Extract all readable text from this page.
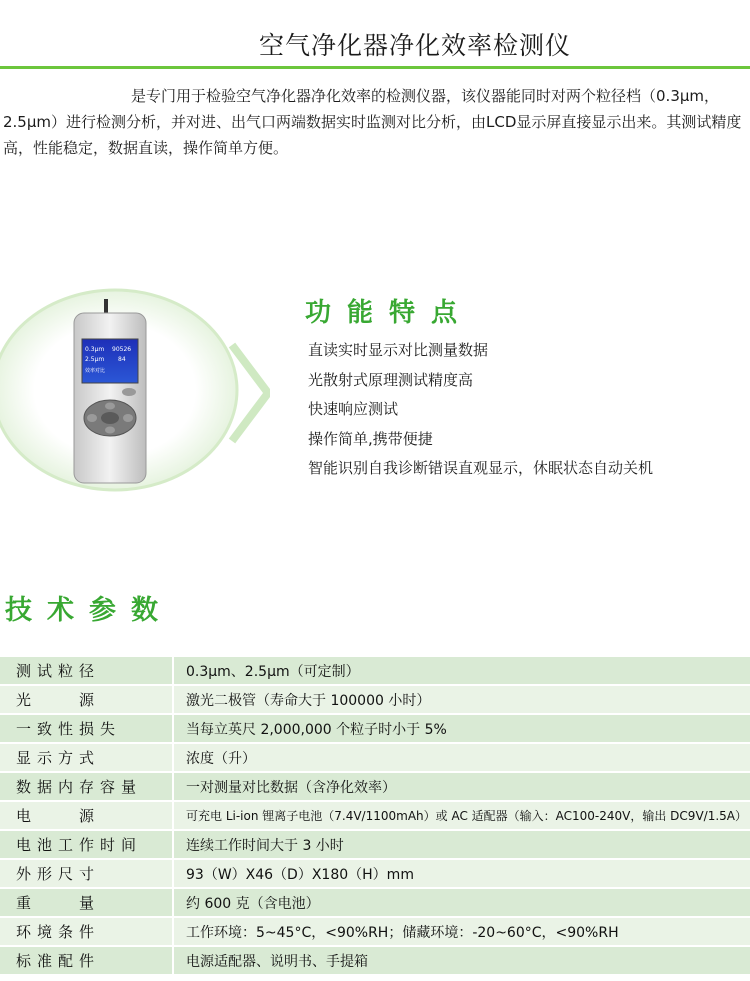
空气净化器净化效率检测仪
是专门用于检验空气净化器净化效率的检测仪器，该仪器能同时对两个粒径档（0.3μm，2.5μm）进行检测分析，并对进、出气口两端数据实时监测对比分析，由LCD显示屏直接显示出来。其测试精度高，性能稳定，数据直读，操作简单方便。
0.3μm 90526
2.5μm 84
效率对比
功能特点
直读实时显示对比测量数据
光散射式原理测试精度高
快速响应测试
操作简单,携带便捷
智能识别自我诊断错误直观显示，休眠状态自动关机
技术参数
测试粒径	0.3μm、2.5μm（可定制）
光　　源	激光二极管（寿命大于 100000 小时）
一致性损失	当每立英尺 2,000,000 个粒子时小于 5%
显示方式	浓度（升）
数据内存容量	一对测量对比数据（含净化效率）
电　　源	可充电 Li-ion 锂离子电池（7.4V/1100mAh）或 AC 适配器（输入：AC100-240V，输出 DC9V/1.5A）
电池工作时间	连续工作时间大于 3 小时
外形尺寸	93（W）X46（D）X180（H）mm
重　　量	约 600 克（含电池）
环境条件	工作环境：5~45°C，<90%RH；储藏环境：-20~60°C，<90%RH
标准配件	电源适配器、说明书、手提箱
